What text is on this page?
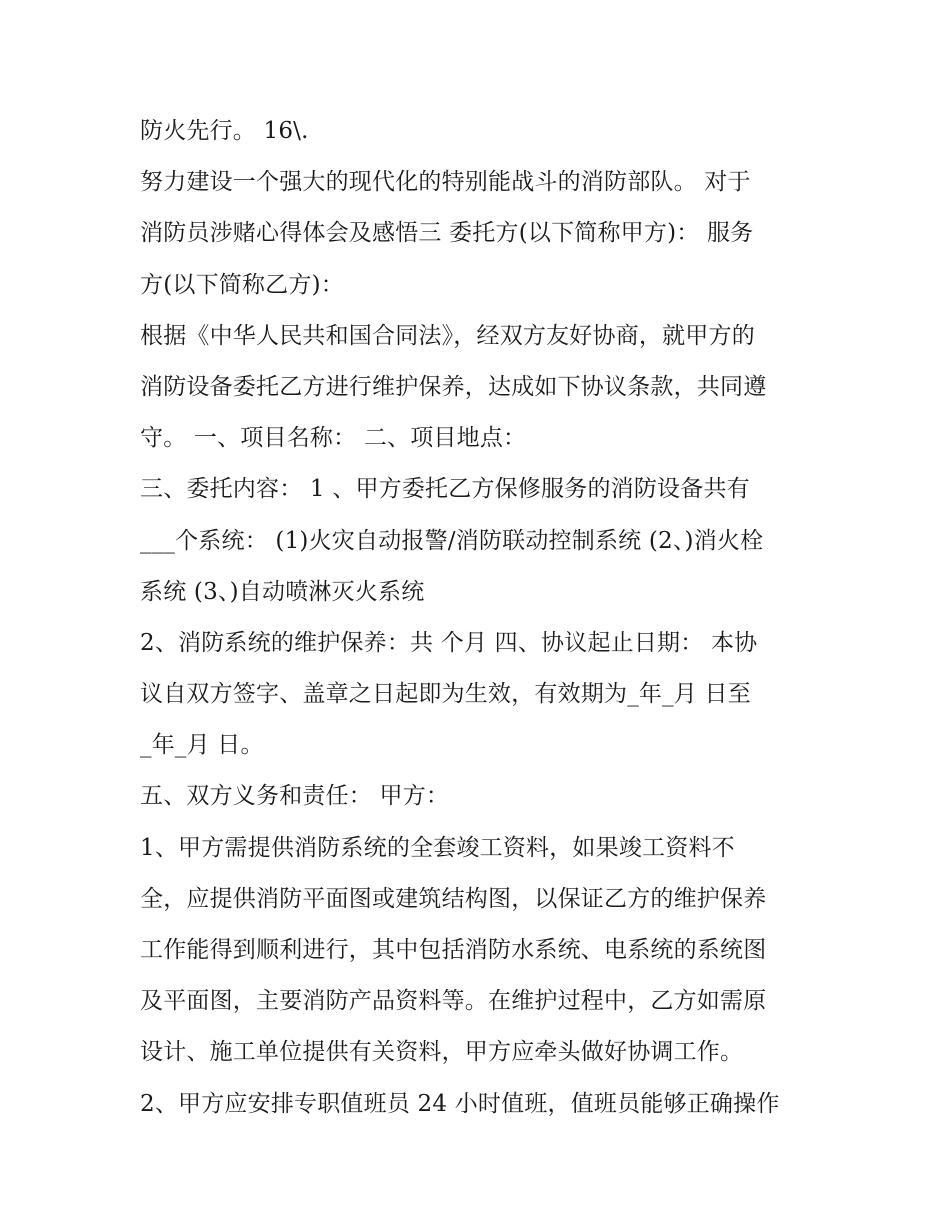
防火先行。 16\.
努力建设一个强大的现代化的特别能战斗的消防部队。 对于
消防员涉赌心得体会及感悟三 委托方(以下简称甲方)： 服务
方(以下简称乙方)：
根据《中华人民共和国合同法》，经双方友好协商，就甲方的
消防设备委托乙方进行维护保养，达成如下协议条款，共同遵
守。 一、项目名称： 二、项目地点：
三、委托内容： 1 、甲方委托乙方保修服务的消防设备共有
___个系统： (1)火灾自动报警/消防联动控制系统 (2、)消火栓
系统 (3、)自动喷淋灭火系统
2、消防系统的维护保养：共 个月 四、协议起止日期： 本协
议自双方签字、盖章之日起即为生效，有效期为_年_月 日至
_年_月 日。
五、双方义务和责任： 甲方：
1、甲方需提供消防系统的全套竣工资料，如果竣工资料不
全，应提供消防平面图或建筑结构图，以保证乙方的维护保养
工作能得到顺利进行，其中包括消防水系统、电系统的系统图
及平面图，主要消防产品资料等。在维护过程中，乙方如需原
设计、施工单位提供有关资料，甲方应牵头做好协调工作。
2、甲方应安排专职值班员 24 小时值班，值班员能够正确操作
